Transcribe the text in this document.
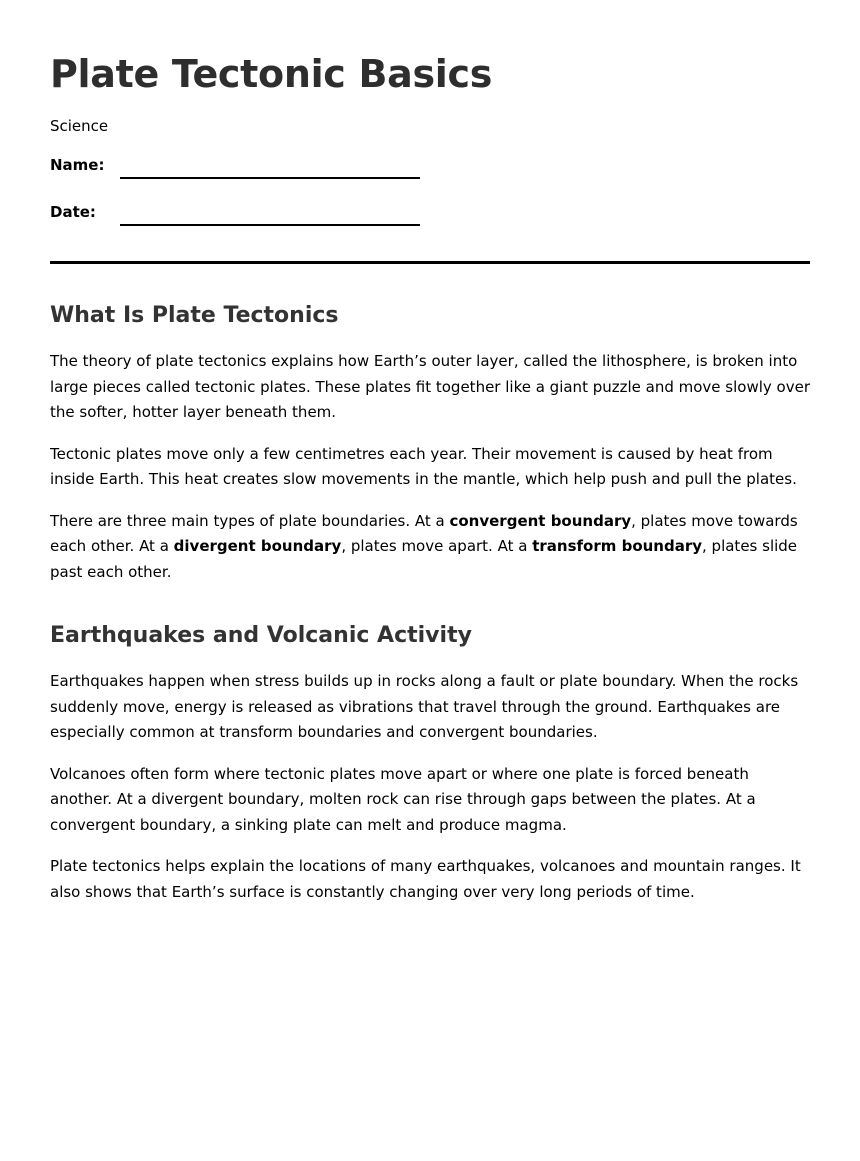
Plate Tectonic Basics
Science
Name:
Date:
What Is Plate Tectonics

The theory of plate tectonics explains how Earth’s outer layer, called the lithosphere, is broken into large pieces called tectonic plates. These plates fit together like a giant puzzle and move slowly over the softer, hotter layer beneath them.

Tectonic plates move only a few centimetres each year. Their movement is caused by heat from inside Earth. This heat creates slow movements in the mantle, which help push and pull the plates.

There are three main types of plate boundaries. At a convergent boundary, plates move towards each other. At a divergent boundary, plates move apart. At a transform boundary, plates slide past each other.

Earthquakes and Volcanic Activity

Earthquakes happen when stress builds up in rocks along a fault or plate boundary. When the rocks suddenly move, energy is released as vibrations that travel through the ground. Earthquakes are especially common at transform boundaries and convergent boundaries.

Volcanoes often form where tectonic plates move apart or where one plate is forced beneath another. At a divergent boundary, molten rock can rise through gaps between the plates. At a convergent boundary, a sinking plate can melt and produce magma.

Plate tectonics helps explain the locations of many earthquakes, volcanoes and mountain ranges. It also shows that Earth’s surface is constantly changing over very long periods of time.
